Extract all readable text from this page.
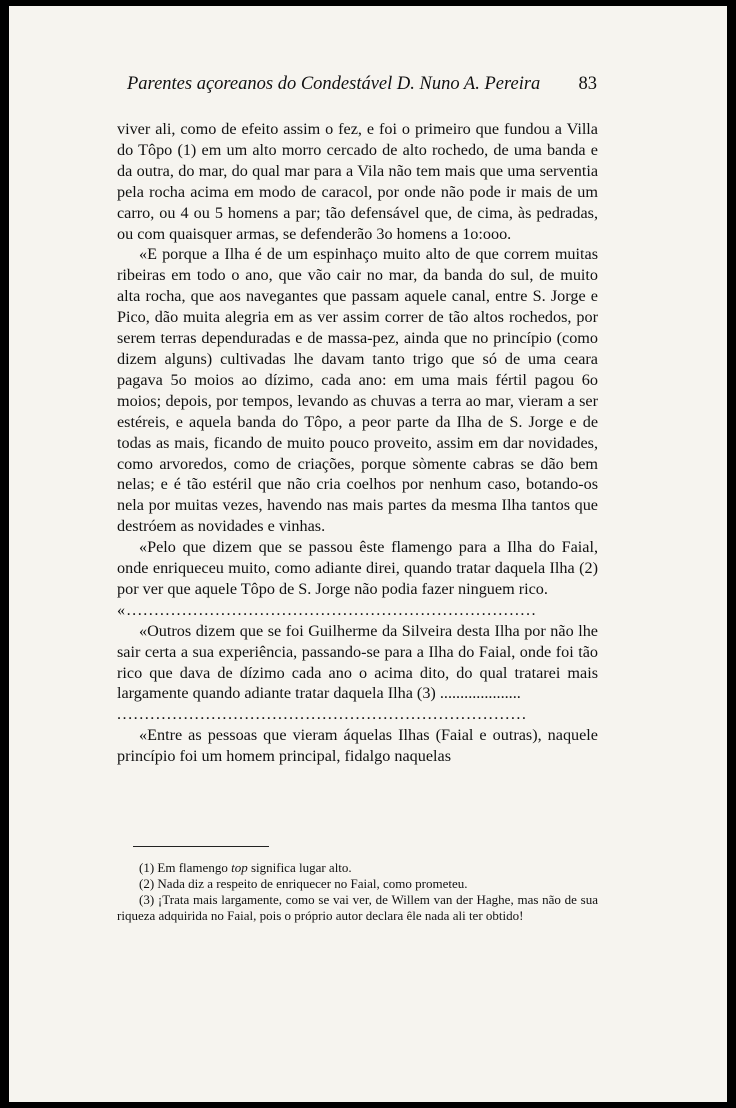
Parentes açoreanos do Condestável D. Nuno A. Pereira 83

viver ali, como de efeito assim o fez, e foi o primeiro que fundou a Villa do Tôpo (1) em um alto morro cercado de alto rochedo, de uma banda e da outra, do mar, do qual mar para a Vila não tem mais que uma serventia pela rocha acima em modo de caracol, por onde não pode ir mais de um carro, ou 4 ou 5 homens a par; tão defensável que, de cima, às pedradas, ou com quaisquer armas, se defenderão 3o homens a 1o:ooo.

«E porque a Ilha é de um espinhaço muito alto de que correm muitas ribeiras em todo o ano, que vão cair no mar, da banda do sul, de muito alta rocha, que aos navegantes que passam aquele canal, entre S. Jorge e Pico, dão muita alegria em as ver assim correr de tão altos rochedos, por serem terras dependuradas e de massa-pez, ainda que no princípio (como dizem alguns) cultivadas lhe davam tanto trigo que só de uma ceara pagava 5o moios ao dízimo, cada ano: em uma mais fértil pagou 6o moios; depois, por tempos, levando as chuvas a terra ao mar, vieram a ser estéreis, e aquela banda do Tôpo, a peor parte da Ilha de S. Jorge e de todas as mais, ficando de muito pouco proveito, assim em dar novidades, como arvoredos, como de criações, porque sòmente cabras se dão bem nelas; e é tão estéril que não cria coelhos por nenhum caso, botando-os nela por muitas vezes, havendo nas mais partes da mesma Ilha tantos que destróem as novidades e vinhas.

«Pelo que dizem que se passou êste flamengo para a Ilha do Faial, onde enriqueceu muito, como adiante direi, quando tratar daquela Ilha (2) por ver que aquele Tôpo de S. Jorge não podia fazer ninguem rico.

«..........................................................................

«Outros dizem que se foi Guilherme da Silveira desta Ilha por não lhe sair certa a sua experiência, passando-se para a Ilha do Faial, onde foi tão rico que dava de dízimo cada ano o acima dito, do qual tratarei mais largamente quando adiante tratar daquela Ilha (3) ....................

..........................................................................

«Entre as pessoas que vieram áquelas Ilhas (Faial e outras), naquele princípio foi um homem principal, fidalgo naquelas

(1) Em flamengo top significa lugar alto.

(2) Nada diz a respeito de enriquecer no Faial, como prometeu.

(3) ¡Trata mais largamente, como se vai ver, de Willem van der Haghe, mas não de sua riqueza adquirida no Faial, pois o próprio autor declara êle nada ali ter obtido!
